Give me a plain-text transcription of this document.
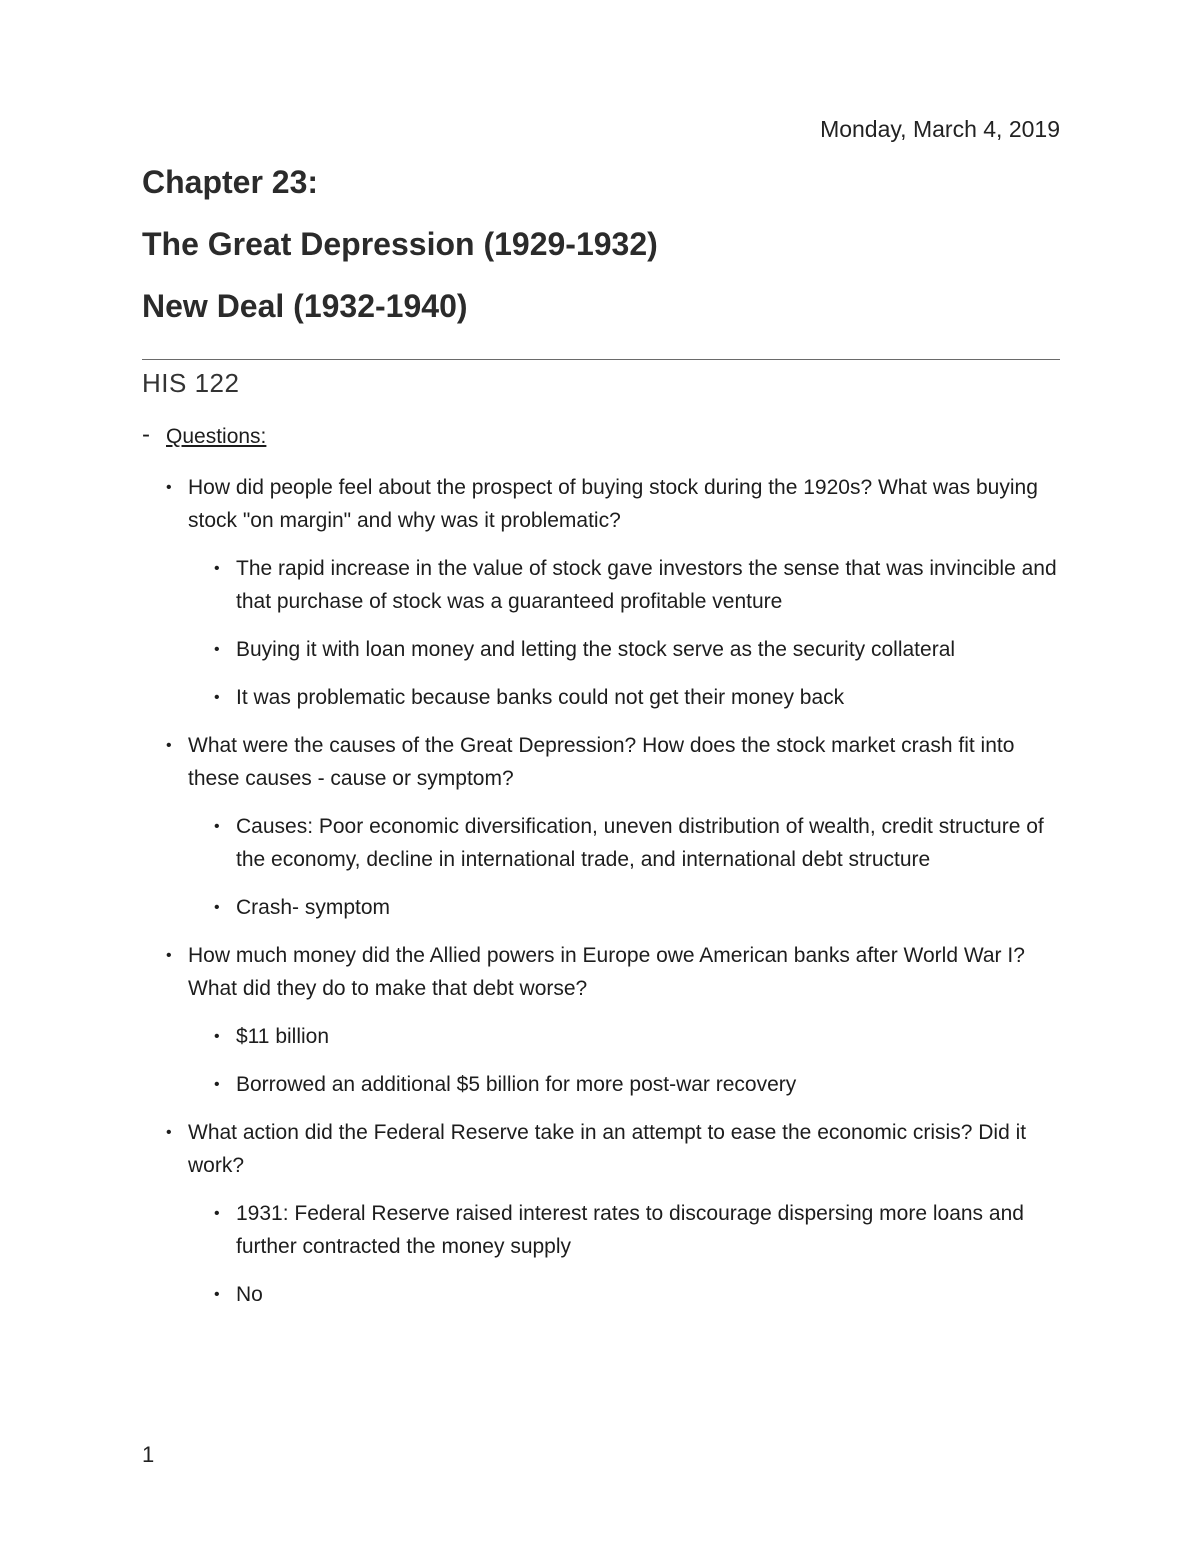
Monday, March 4, 2019
Chapter 23:
The Great Depression (1929-1932)
New Deal (1932-1940)
HIS 122
- Questions:
• How did people feel about the prospect of buying stock during the 1920s? What was buying stock "on margin" and why was it problematic?
• The rapid increase in the value of stock gave investors the sense that was invincible and that purchase of stock was a guaranteed profitable venture
• Buying it with loan money and letting the stock serve as the security collateral
• It was problematic because banks could not get their money back
• What were the causes of the Great Depression? How does the stock market crash fit into these causes - cause or symptom?
• Causes: Poor economic diversification, uneven distribution of wealth, credit structure of the economy, decline in international trade, and international debt structure
• Crash- symptom
• How much money did the Allied powers in Europe owe American banks after World War I? What did they do to make that debt worse?
• $11 billion
• Borrowed an additional $5 billion for more post-war recovery
• What action did the Federal Reserve take in an attempt to ease the economic crisis? Did it work?
• 1931: Federal Reserve raised interest rates to discourage dispersing more loans and further contracted the money supply
• No
1
